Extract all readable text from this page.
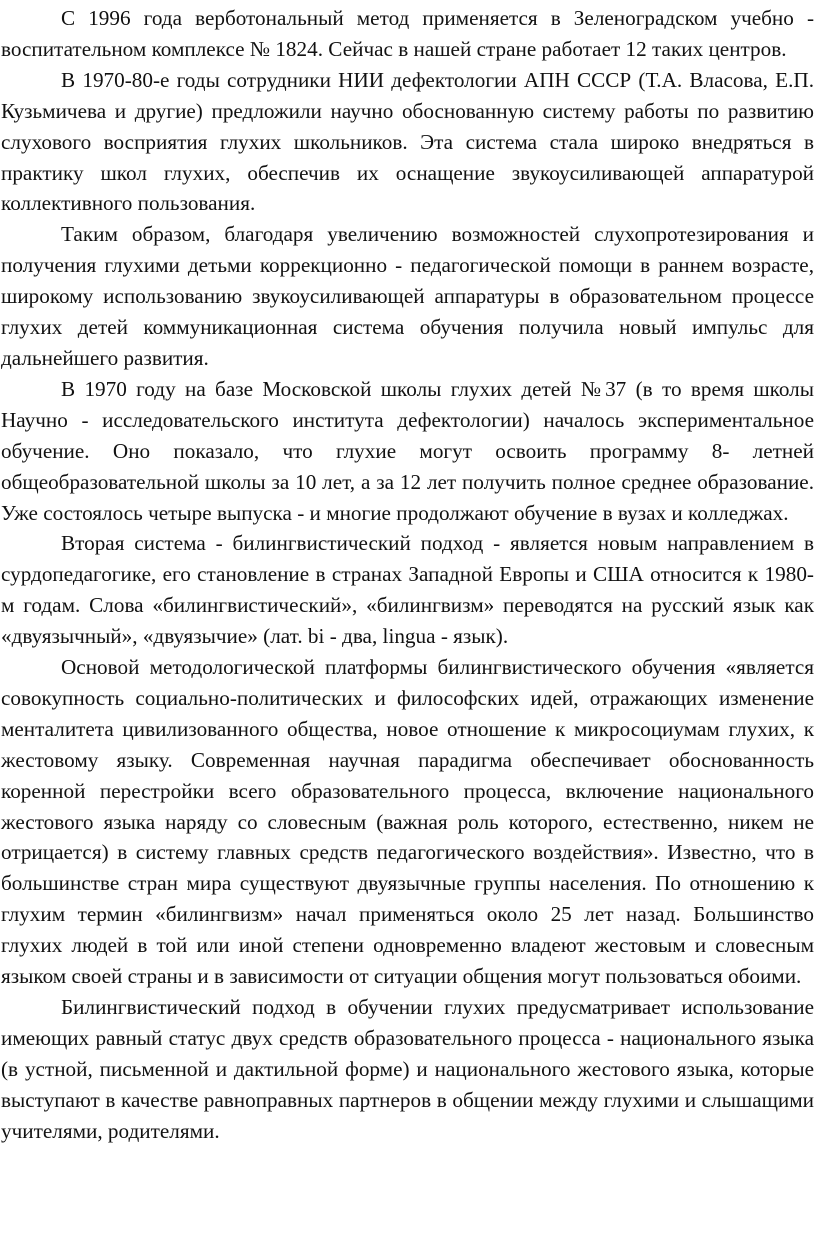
С 1996 года верботональный метод применяется в Зеленоградском учебно - воспитательном комплексе № 1824. Сейчас в нашей стране работает 12 таких центров.

В 1970-80-е годы сотрудники НИИ дефектологии АПН СССР (Т.А. Власова, Е.П. Кузьмичева и другие) предложили научно обоснованную систему работы по развитию слухового восприятия глухих школьников. Эта система стала широко внедряться в практику школ глухих, обеспечив их оснащение звукоусиливающей аппаратурой коллективного пользования.

Таким образом, благодаря увеличению возможностей слухопротезирования и получения глухими детьми коррекционно - педагогической помощи в раннем возрасте, широкому использованию звукоусиливающей аппаратуры в образовательном процессе глухих детей коммуникационная система обучения получила новый импульс для дальнейшего развития.

В 1970 году на базе Московской школы глухих детей №37 (в то время школы Научно - исследовательского института дефектологии) началось экспериментальное обучение. Оно показало, что глухие могут освоить программу 8- летней общеобразовательной школы за 10 лет, а за 12 лет получить полное среднее образование. Уже состоялось четыре выпуска - и многие продолжают обучение в вузах и колледжах.

Вторая система - билингвистический подход - является новым направлением в сурдопедагогике, его становление в странах Западной Европы и США относится к 1980-м годам. Слова «билингвистический», «билингвизм» переводятся на русский язык как «двуязычный», «двуязычие» (лат. bi - два, lingua - язык).

Основой методологической платформы билингвистического обучения «является совокупность социально-политических и философских идей, отражающих изменение менталитета цивилизованного общества, новое отношение к микросоциумам глухих, к жестовому языку. Современная научная парадигма обеспечивает обоснованность коренной перестройки всего образовательного процесса, включение национального жестового языка наряду со словесным (важная роль которого, естественно, никем не отрицается) в систему главных средств педагогического воздействия». Известно, что в большинстве стран мира существуют двуязычные группы населения. По отношению к глухим термин «билингвизм» начал применяться около 25 лет назад. Большинство глухих людей в той или иной степени одновременно владеют жестовым и словесным языком своей страны и в зависимости от ситуации общения могут пользоваться обоими.

Билингвистический подход в обучении глухих предусматривает использование имеющих равный статус двух средств образовательного процесса - национального языка (в устной, письменной и дактильной форме) и национального жестового языка, которые выступают в качестве равноправных партнеров в общении между глухими и слышащими учителями, родителями.
